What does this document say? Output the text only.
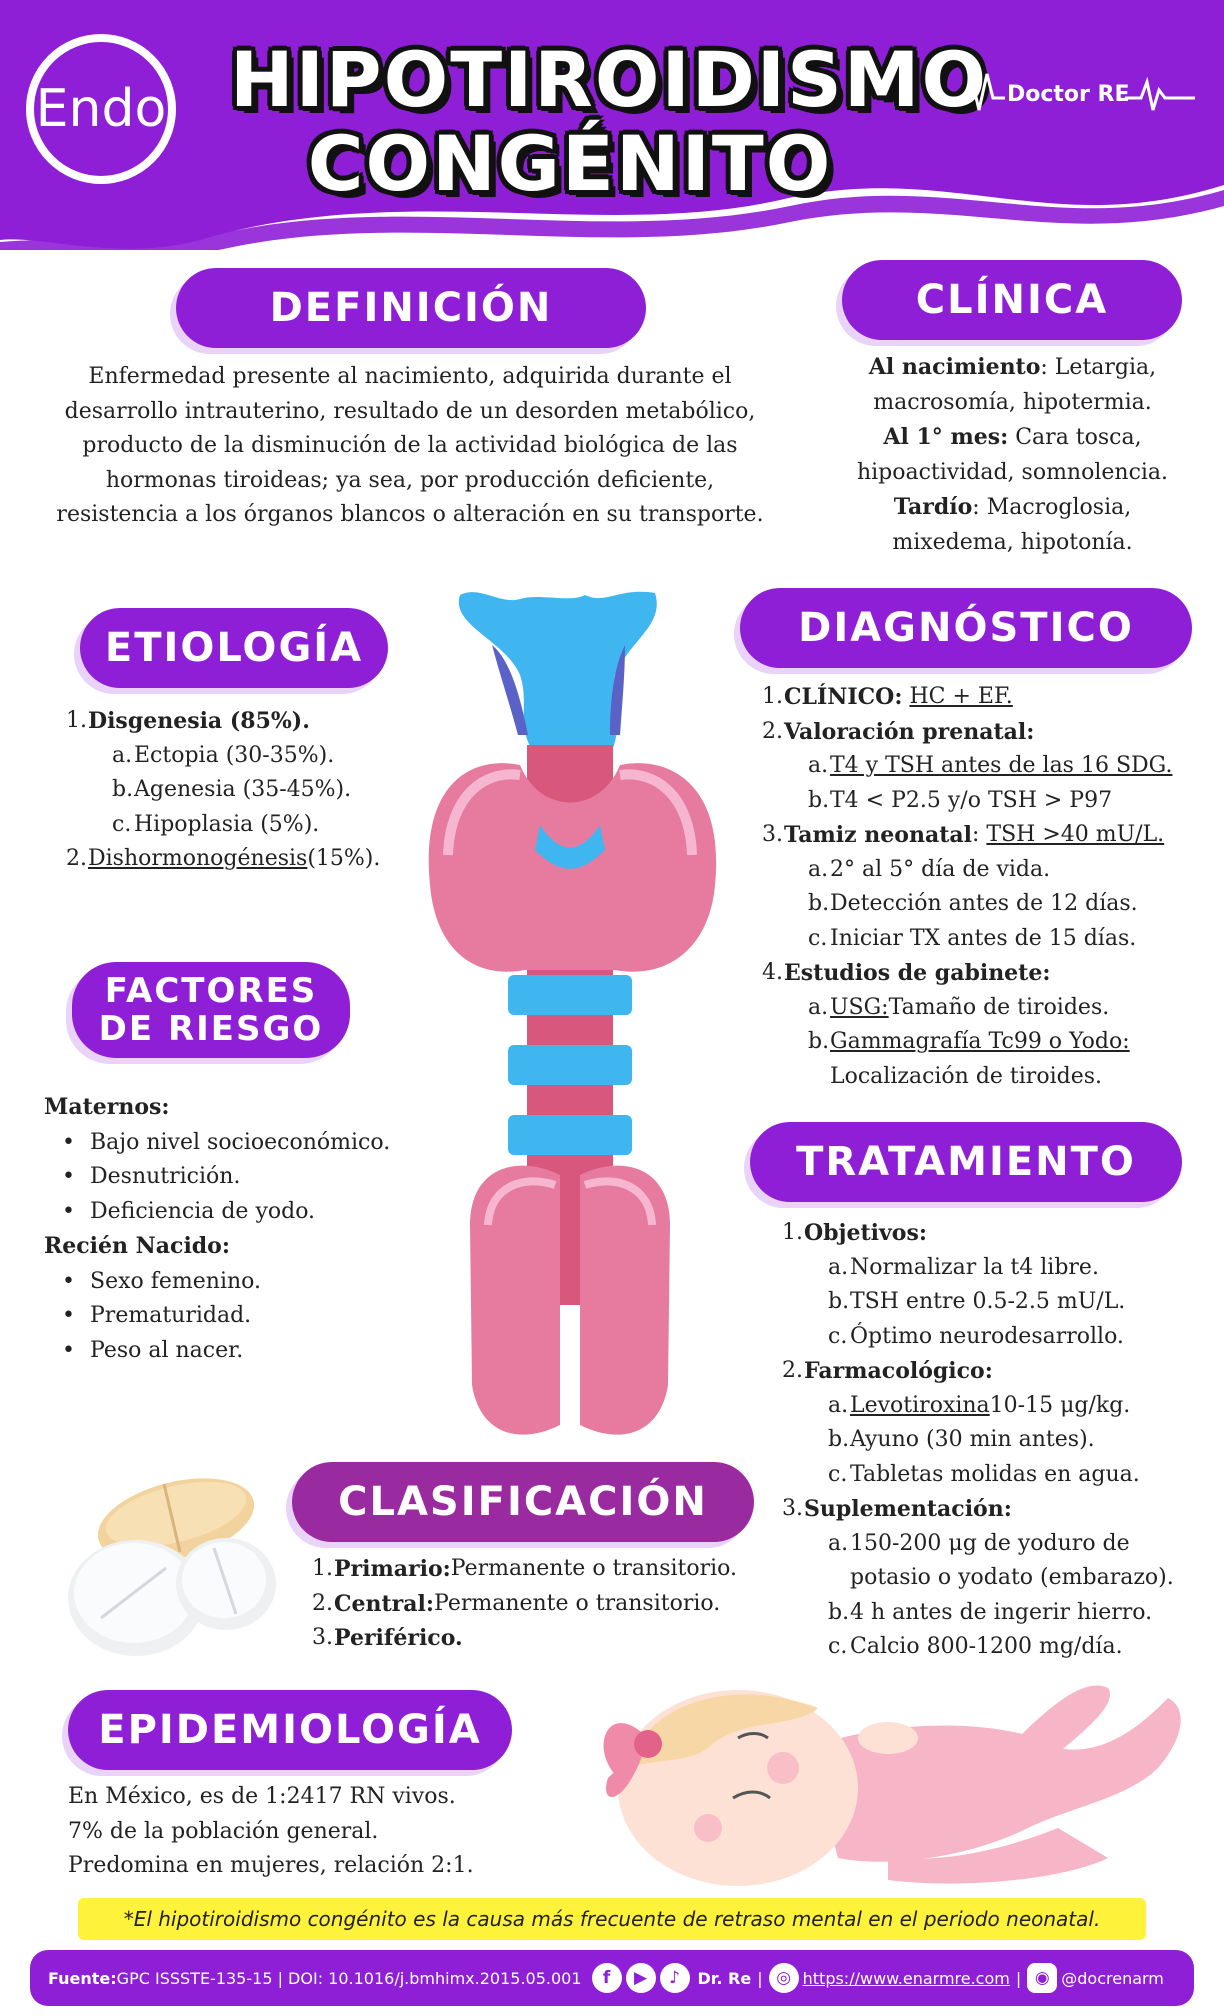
Endo HIPOTIROIDISMO
CONGÉNITO
Doctor RE
DEFINICIÓN
Enfermedad presente al nacimiento, adquirida durante el
desarrollo intrauterino, resultado de un desorden metabólico,
producto de la disminución de la actividad biológica de las
hormonas tiroideas; ya sea, por producción deficiente,
resistencia a los órganos blancos o alteración en su transporte.
CLÍNICA
Al nacimiento: Letargia,
macrosomía, hipotermia.
Al 1° mes: Cara tosca,
hipoactividad, somnolencia.
Tardío: Macroglosia,
mixedema, hipotonía.
ETIOLOGÍA
1. Disgenesia (85%).
a. Ectopia (30-35%).
b. Agenesia (35-45%).
c. Hipoplasia (5%).
2. Dishormonogénesis (15%).
FACTORES
DE RIESGO
Maternos:
• Bajo nivel socioeconómico.
• Desnutrición.
• Deficiencia de yodo.
Recién Nacido:
• Sexo femenino.
• Prematuridad.
• Peso al nacer.
DIAGNÓSTICO
1. CLÍNICO:
HC + EF.
2. Valoración prenatal:
a. T4 y TSH antes de las 16 SDG.
b. T4 < P2.5 y/o TSH > P97
3. Tamiz neonatal : TSH >40 mU/L.
a. 2° al 5° día de vida.
b. Detección antes de 12 días.
c. Iniciar TX antes de 15 días.
4. Estudios de gabinete:
a. USG: Tamaño de tiroides.
b. Gammagrafía Tc99 o Yodo:
Localización de tiroides.
TRATAMIENTO
1. Objetivos:
a. Normalizar la t4 libre.
b. TSH entre 0.5-2.5 mU/L.
c. Óptimo neurodesarrollo.
2. Farmacológico:
a. Levotiroxina 10-15 μg/kg.
b. Ayuno (30 min antes).
c. Tabletas molidas en agua.
3. Suplementación:
a. 150-200 μg de yoduro de
potasio o yodato (embarazo).
b. 4 h antes de ingerir hierro.
c. Calcio 800-1200 mg/día.
CLASIFICACIÓN
1. Primario: Permanente o transitorio.
2. Central: Permanente o transitorio.
3. Periférico.
EPIDEMIOLOGÍA
En México, es de 1:2417 RN vivos.
7% de la población general.
Predomina en mujeres, relación 2:1.
*El hipotiroidismo congénito es la causa más frecuente de retraso mental en el periodo neonatal.
Fuente: GPC ISSSTE-135-15 | DOI: 10.1016/j.bmhimx.2015.05.001	f	▶	♪	Dr. Re | ◎ https://www.enarmre.com | ◉ @docrenarm
